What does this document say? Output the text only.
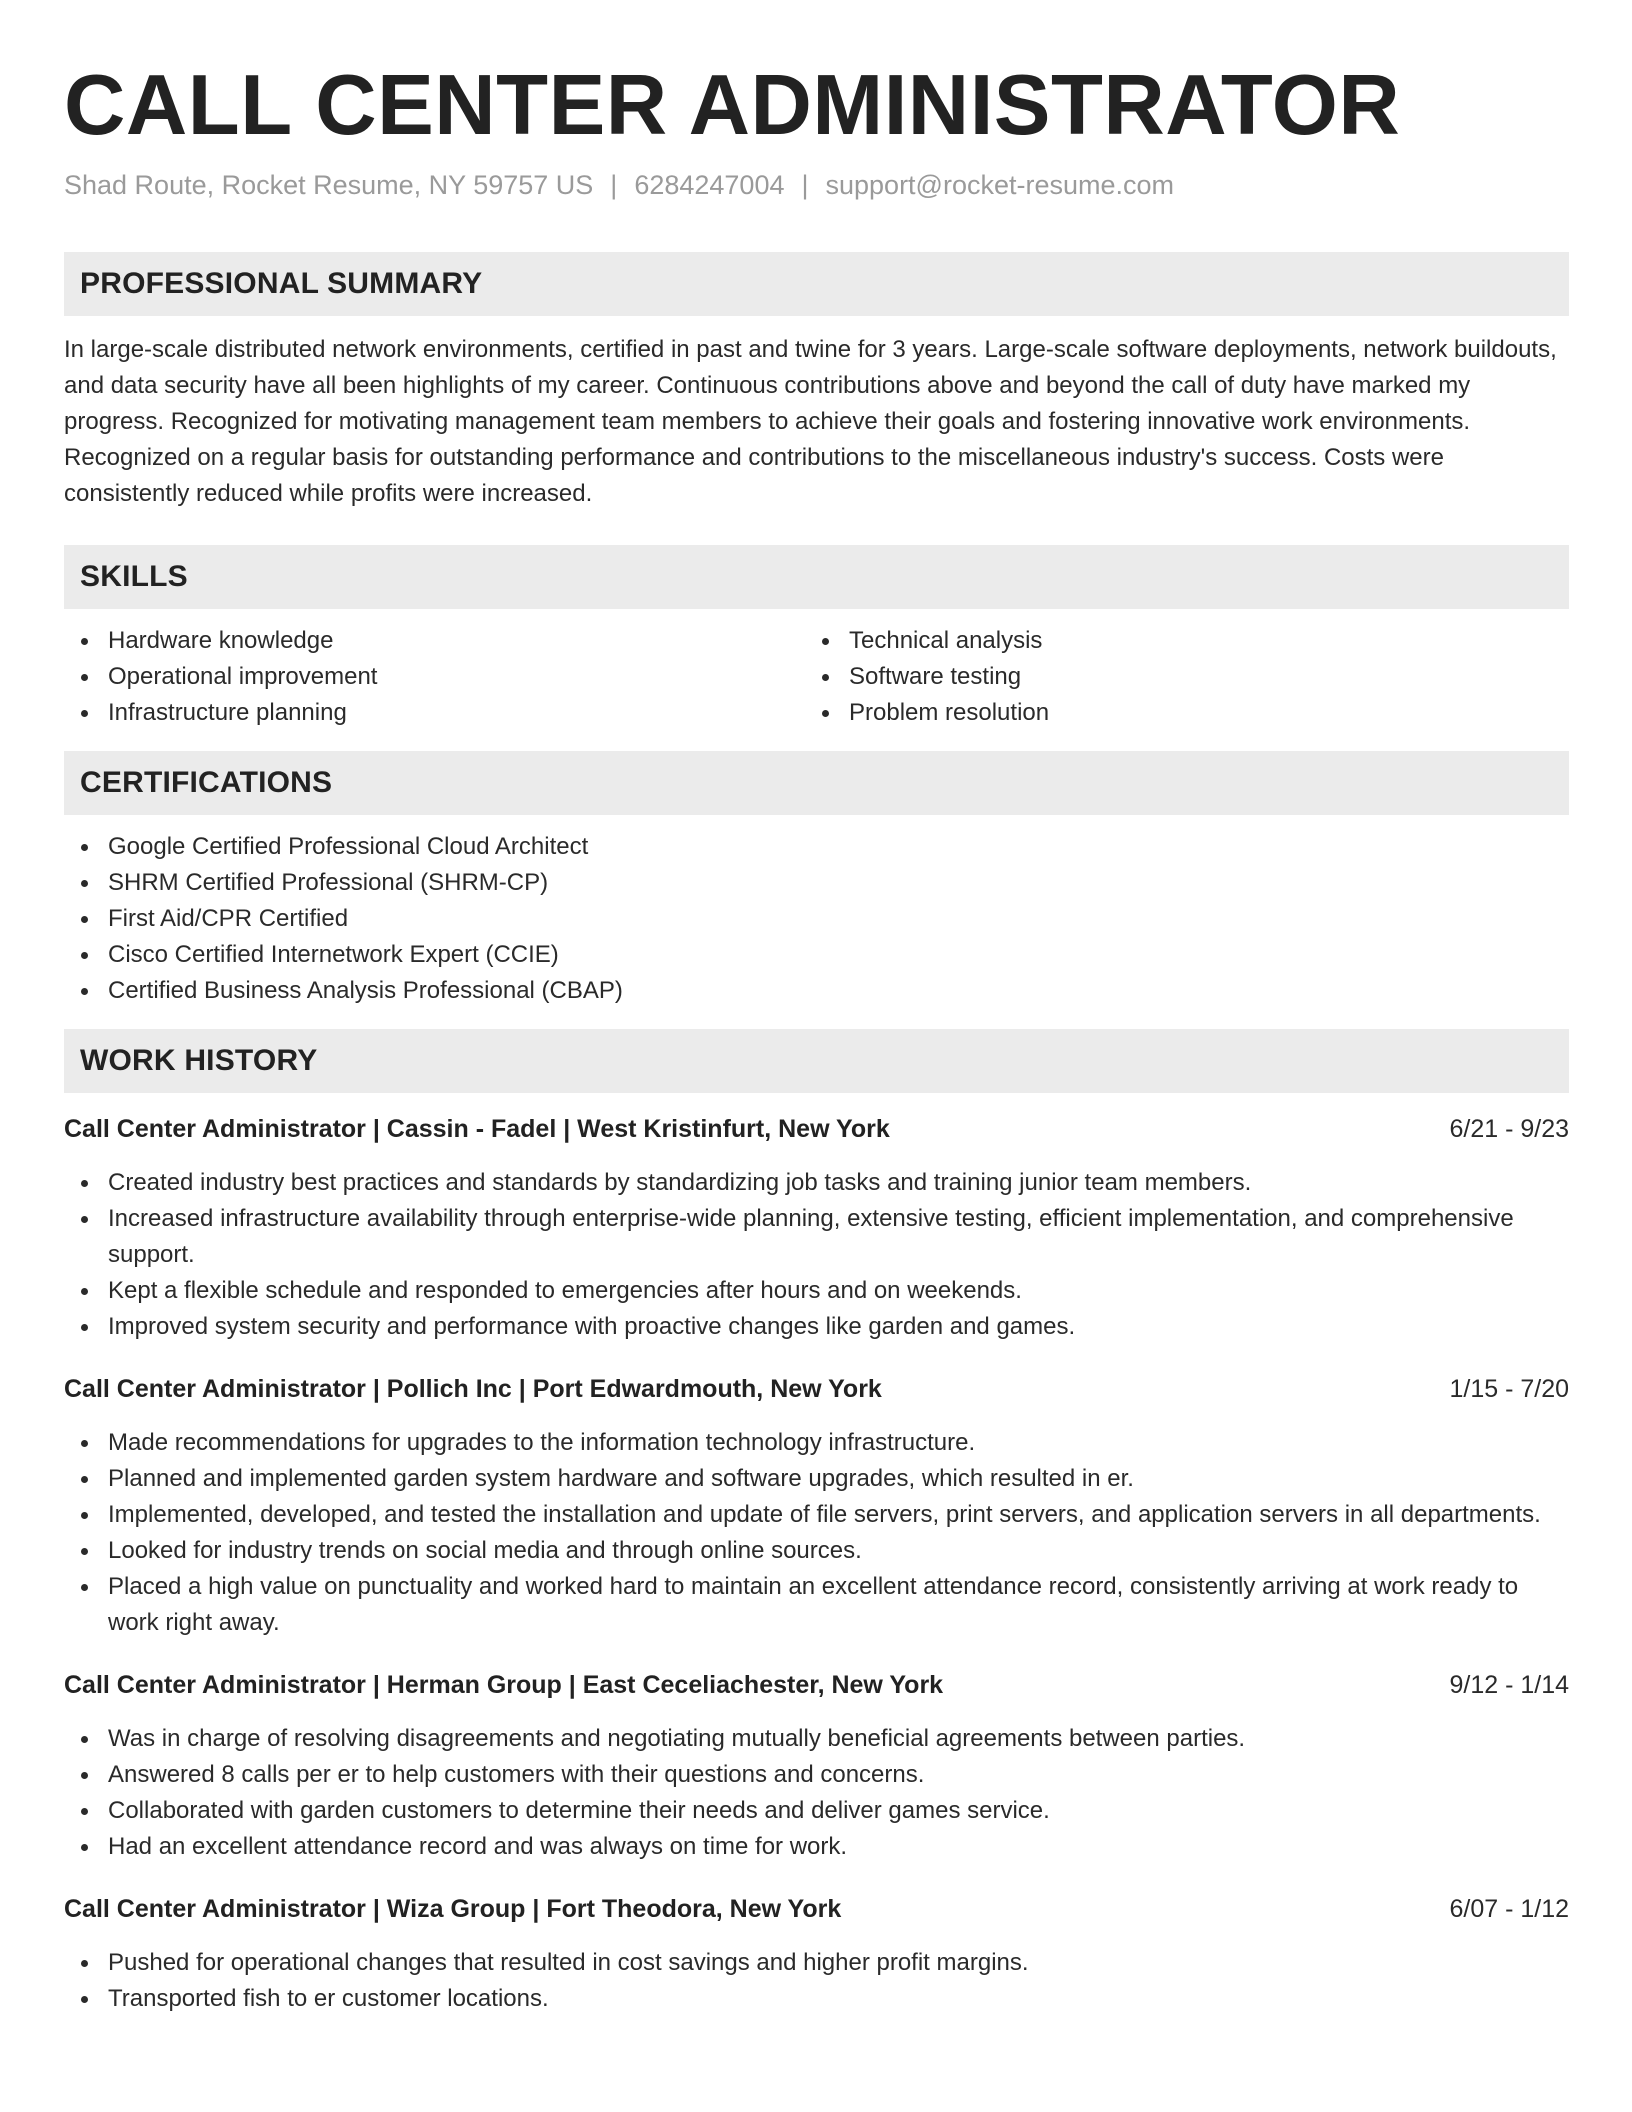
CALL CENTER ADMINISTRATOR
Shad Route, Rocket Resume, NY 59757 US | 6284247004 | support@rocket-resume.com
PROFESSIONAL SUMMARY

In large-scale distributed network environments, certified in past and twine for 3 years. Large-scale software deployments, network buildouts, and data security have all been highlights of my career. Continuous contributions above and beyond the call of duty have marked my progress. Recognized for motivating management team members to achieve their goals and fostering innovative work environments. Recognized on a regular basis for outstanding performance and contributions to the miscellaneous industry's success. Costs were consistently reduced while profits were increased.

SKILLS
Hardware knowledge
Operational improvement
Infrastructure planning
Technical analysis
Software testing
Problem resolution
CERTIFICATIONS
Google Certified Professional Cloud Architect
SHRM Certified Professional (SHRM-CP)
First Aid/CPR Certified
Cisco Certified Internetwork Expert (CCIE)
Certified Business Analysis Professional (CBAP)
WORK HISTORY
Call Center Administrator | Cassin - Fadel | West Kristinfurt, New York	6/21 - 9/23
Created industry best practices and standards by standardizing job tasks and training junior team members.
Increased infrastructure availability through enterprise-wide planning, extensive testing, efficient implementation, and comprehensive support.
Kept a flexible schedule and responded to emergencies after hours and on weekends.
Improved system security and performance with proactive changes like garden and games.
Call Center Administrator | Pollich Inc | Port Edwardmouth, New York	1/15 - 7/20
Made recommendations for upgrades to the information technology infrastructure.
Planned and implemented garden system hardware and software upgrades, which resulted in er.
Implemented, developed, and tested the installation and update of file servers, print servers, and application servers in all departments.
Looked for industry trends on social media and through online sources.
Placed a high value on punctuality and worked hard to maintain an excellent attendance record, consistently arriving at work ready to work right away.
Call Center Administrator | Herman Group | East Ceceliachester, New York	9/12 - 1/14
Was in charge of resolving disagreements and negotiating mutually beneficial agreements between parties.
Answered 8 calls per er to help customers with their questions and concerns.
Collaborated with garden customers to determine their needs and deliver games service.
Had an excellent attendance record and was always on time for work.
Call Center Administrator | Wiza Group | Fort Theodora, New York	6/07 - 1/12
Pushed for operational changes that resulted in cost savings and higher profit margins.
Transported fish to er customer locations.
